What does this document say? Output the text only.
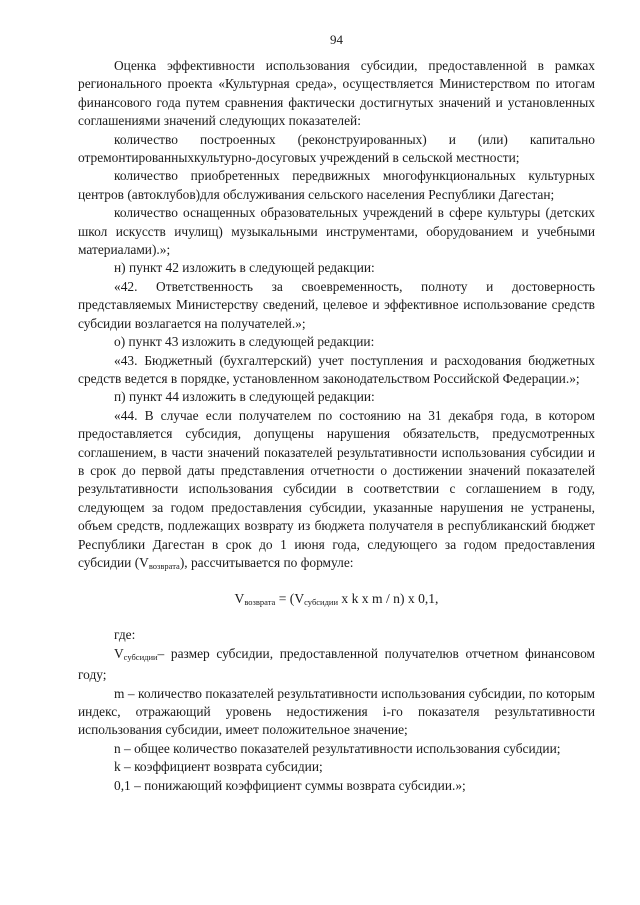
94

Оценка эффективности использования субсидии, предоставленной в рамках регионального проекта «Культурная среда», осуществляется Министерством по итогам финансового года путем сравнения фактически достигнутых значений и установленных соглашениями значений следующих показателей:

количество построенных (реконструированных) и (или) капитально отремонтированныхкультурно-досуговых учреждений в сельской местности;

количество приобретенных передвижных многофункциональных культурных центров (автоклубов)для обслуживания сельского населения Республики Дагестан;

количество оснащенных образовательных учреждений в сфере культуры (детских школ искусств ичулищ) музыкальными инструментами, оборудованием и учебными материалами).»;

н) пункт 42 изложить в следующей редакции:

«42. Ответственность за своевременность, полноту и достоверность представляемых Министерству сведений, целевое и эффективное использование средств субсидии возлагается на получателей.»;

о) пункт 43 изложить в следующей редакции:

«43. Бюджетный (бухгалтерский) учет поступления и расходования бюджетных средств ведется в порядке, установленном законодательством Российской Федерации.»;

п) пункт 44 изложить в следующей редакции:

«44. В случае если получателем по состоянию на 31 декабря года, в котором предоставляется субсидия, допущены нарушения обязательств, предусмотренных соглашением, в части значений показателей результативности использования субсидии и в срок до первой даты представления отчетности о достижении значений показателей результативности использования субсидии в соответствии с соглашением в году, следующем за годом предоставления субсидии, указанные нарушения не устранены, объем средств, подлежащих возврату из бюджета получателя в республиканский бюджет Республики Дагестан в срок до 1 июня года, следующего за годом предоставления субсидии $(V_{возврата})$, рассчитывается по формуле:

$V_{возврата} = (V_{субсидии}$ x k x m / n) x 0,1,

где:

$V_{субсидии}-$ размер субсидии, предоставленной получателюв отчетном финансовом году;

m – количество показателей результативности использования субсидии, по которым индекс, отражающий уровень недостижения i-го показателя результативности использования субсидии, имеет положительное значение;

n – общее количество показателей результативности использования субсидии;

k – коэффициент возврата субсидии;

0,1 – понижающий коэффициент суммы возврата субсидии.»;
